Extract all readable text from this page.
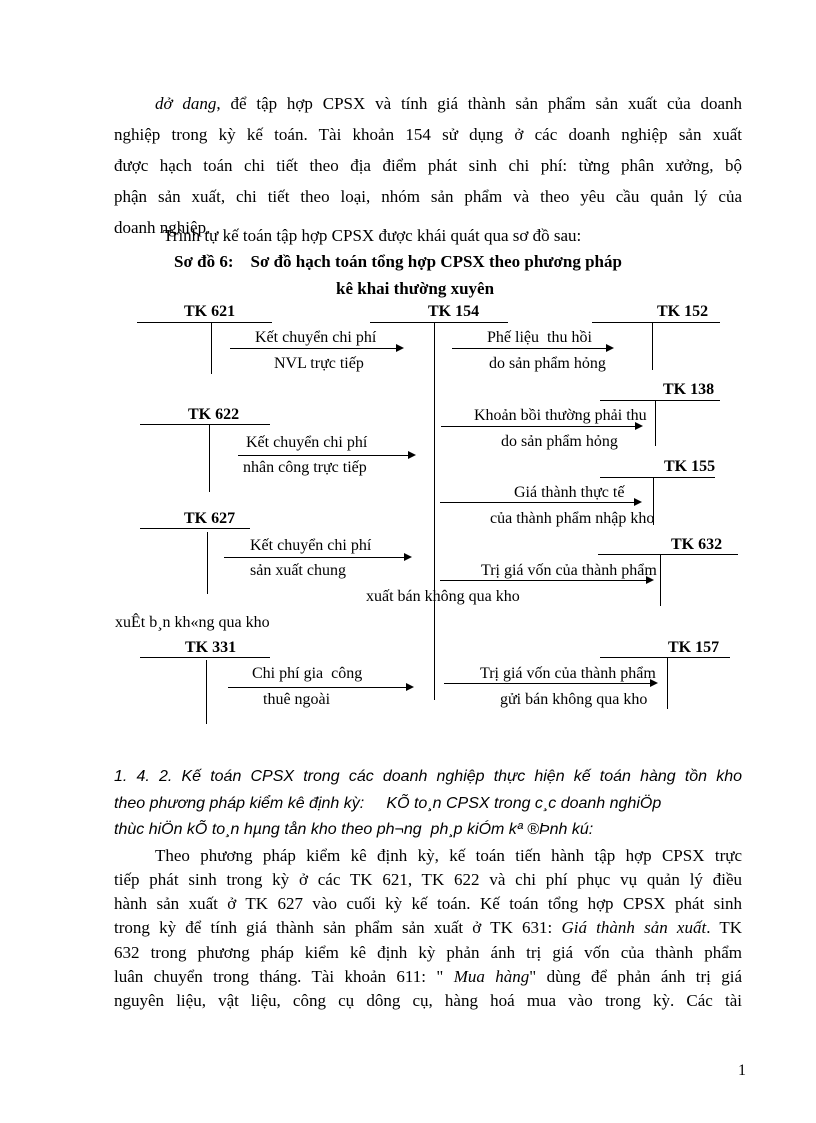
dở dang, để tập hợp CPSX và tính giá thành sản phẩm sản xuất của doanh
nghiệp trong kỳ kế toán. Tài khoản 154 sử dụng ở các doanh nghiệp sản xuất
được hạch toán chi tiết theo địa điểm phát sinh chi phí: từng phân xưởng, bộ
phận sản xuất, chi tiết theo loại, nhóm sản phẩm và theo yêu cầu quản lý của
doanh nghiệp.
Trình tự kế toán tập hợp CPSX được khái quát qua sơ đồ sau:
Sơ đồ 6:    Sơ đồ hạch toán tổng hợp CPSX theo phương pháp
kê khai thường xuyên
TK 621	TK 154	TK 152
Kết chuyển chi phí
NVL trực tiếp
Phế liệu  thu hồi
do sản phẩm hỏng
TK 138
Khoản bồi thường phải thu
do sản phẩm hỏng
TK 622
Kết chuyển chi phí
nhân công trực tiếp	TK 155
Giá thành thực tế
của thành phẩm nhập kho
TK 627
Kết chuyển chi phí
sản xuất chung
TK 632
Trị giá vốn của thành phẩm
xuất bán không qua kho
xuÊt b¸n kh«ng qua kho
TK 331
Chi phí gia  công
thuê ngoài
TK 157
Trị giá vốn của thành phẩm
gửi bán không qua kho
1. 4. 2. Kế toán CPSX trong các doanh nghiệp thực hiện kế toán hàng tồn kho
theo phương pháp kiểm kê định kỳ: KÕ to¸n CPSX trong c¸c doanh nghiÖp
thùc hiÖn kÕ to¸n hµng tån kho theo ph¬ng  ph¸p kiÓm kª ®Þnh kú:
Theo phương pháp kiểm kê định kỳ, kế toán tiến hành tập hợp CPSX trực
tiếp phát sinh trong kỳ ở các TK 621, TK 622 và chi phí phục vụ quản lý điều
hành sản xuất ở TK 627 vào cuối kỳ kế toán. Kế toán tổng hợp CPSX phát sinh
trong kỳ để tính giá thành sản phẩm sản xuất ở TK 631: Giá thành sản xuất. TK
632 trong phương pháp kiểm kê định kỳ phản ánh trị giá vốn của thành phẩm
luân chuyển trong tháng. Tài khoản 611: " Mua hàng" dùng để phản ánh trị giá
nguyên liệu, vật liệu, công cụ dông cụ, hàng hoá mua vào trong kỳ. Các tài
1
